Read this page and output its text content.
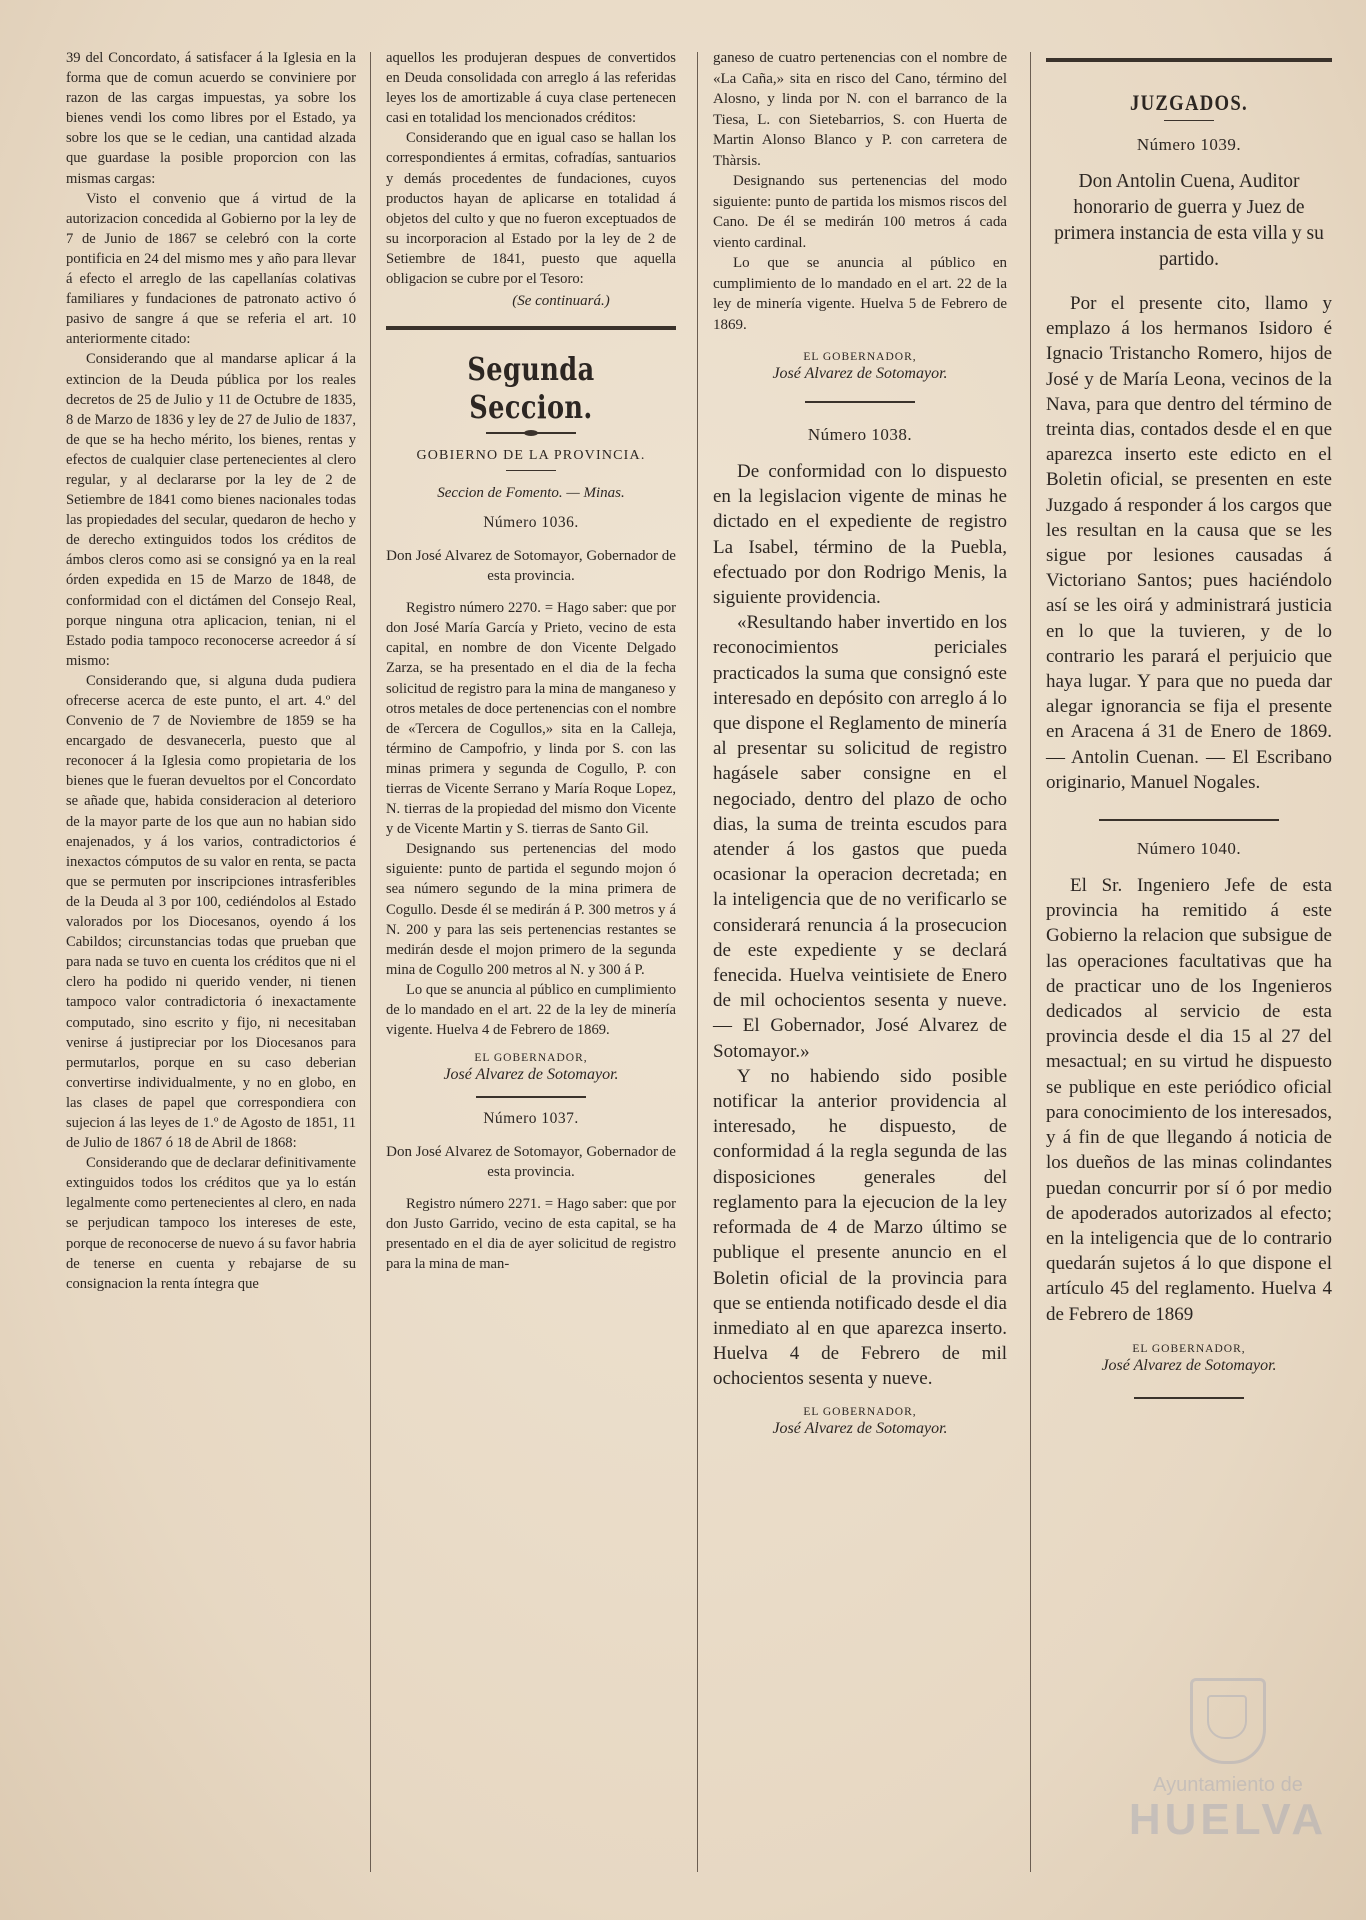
39 del Concordato, á satisfacer á la Iglesia en la forma que de comun acuerdo se conviniere por razon de las cargas impuestas, ya sobre los bienes vendi los como libres por el Estado, ya sobre los que se le cedian, una cantidad alzada que guardase la posible proporcion con las mismas cargas:

Visto el convenio que á virtud de la autorizacion concedida al Gobierno por la ley de 7 de Junio de 1867 se celebró con la corte pontificia en 24 del mismo mes y año para llevar á efecto el arreglo de las capellanías colativas familiares y fundaciones de patronato activo ó pasivo de sangre á que se referia el art. 10 anteriormente citado:

Considerando que al mandarse aplicar á la extincion de la Deuda pública por los reales decretos de 25 de Julio y 11 de Octubre de 1835, 8 de Marzo de 1836 y ley de 27 de Julio de 1837, de que se ha hecho mérito, los bienes, rentas y efectos de cualquier clase pertenecientes al clero regular, y al declararse por la ley de 2 de Setiembre de 1841 como bienes nacionales todas las propiedades del secular, quedaron de hecho y de derecho extinguidos todos los créditos de ámbos cleros como asi se consignó ya en la real órden expedida en 15 de Marzo de 1848, de conformidad con el dictámen del Consejo Real, porque ninguna otra aplicacion, tenian, ni el Estado podia tampoco reconocerse acreedor á sí mismo:

Considerando que, si alguna duda pudiera ofrecerse acerca de este punto, el art. 4.º del Convenio de 7 de Noviembre de 1859 se ha encargado de desvanecerla, puesto que al reconocer á la Iglesia como propietaria de los bienes que le fueran devueltos por el Concordato se añade que, habida consideracion al deterioro de la mayor parte de los que aun no habian sido enajenados, y á los varios, contradictorios é inexactos cómputos de su valor en renta, se pacta que se permuten por inscripciones intrasferibles de la Deuda al 3 por 100, cediéndolos al Estado valorados por los Diocesanos, oyendo á los Cabildos; circunstancias todas que prueban que para nada se tuvo en cuenta los créditos que ni el clero ha podido ni querido vender, ni tienen tampoco valor contradictoria ó inexactamente computado, sino escrito y fijo, ni necesitaban venirse á justipreciar por los Diocesanos para permutarlos, porque en su caso deberian convertirse individualmente, y no en globo, en las clases de papel que correspondiera con sujecion á las leyes de 1.º de Agosto de 1851, 11 de Julio de 1867 ó 18 de Abril de 1868:

Considerando que de declarar definitivamente extinguidos todos los créditos que ya lo están legalmente como pertenecientes al clero, en nada se perjudican tampoco los intereses de este, porque de reconocerse de nuevo á su favor habria de tenerse en cuenta y rebajarse de su consignacion la renta íntegra que

aquellos les produjeran despues de convertidos en Deuda consolidada con arreglo á las referidas leyes los de amortizable á cuya clase pertenecen casi en totalidad los mencionados créditos:

Considerando que en igual caso se hallan los correspondientes á ermitas, cofradías, santuarios y demás procedentes de fundaciones, cuyos productos hayan de aplicarse en totalidad á objetos del culto y que no fueron exceptuados de su incorporacion al Estado por la ley de 2 de Setiembre de 1841, puesto que aquella obligacion se cubre por el Tesoro:

(Se continuará.)

Segunda Seccion.

GOBIERNO DE LA PROVINCIA.

Seccion de Fomento. — Minas.

Número 1036.

Don José Alvarez de Sotomayor, Gobernador de esta provincia.

Registro número 2270. = Hago saber: que por don José María García y Prieto, vecino de esta capital, en nombre de don Vicente Delgado Zarza, se ha presentado en el dia de la fecha solicitud de registro para la mina de manganeso y otros metales de doce pertenencias con el nombre de «Tercera de Cogullos,» sita en la Calleja, término de Campofrio, y linda por S. con las minas primera y segunda de Cogullo, P. con tierras de Vicente Serrano y María Roque Lopez, N. tierras de la propiedad del mismo don Vicente y de Vicente Martin y S. tierras de Santo Gil.

Designando sus pertenencias del modo siguiente: punto de partida el segundo mojon ó sea número segundo de la mina primera de Cogullo. Desde él se medirán á P. 300 metros y á N. 200 y para las seis pertenencias restantes se medirán desde el mojon primero de la segunda mina de Cogullo 200 metros al N. y 300 á P.

Lo que se anuncia al público en cumplimiento de lo mandado en el art. 22 de la ley de minería vigente. Huelva 4 de Febrero de 1869.

EL GOBERNADOR,

José Alvarez de Sotomayor.

Número 1037.

Don José Alvarez de Sotomayor, Gobernador de esta provincia.

Registro número 2271. = Hago saber: que por don Justo Garrido, vecino de esta capital, se ha presentado en el dia de ayer solicitud de registro para la mina de man-

ganeso de cuatro pertenencias con el nombre de «La Caña,» sita en risco del Cano, término del Alosno, y linda por N. con el barranco de la Tiesa, L. con Sietebarrios, S. con Huerta de Martin Alonso Blanco y P. con carretera de Thàrsis.

Designando sus pertenencias del modo siguiente: punto de partida los mismos riscos del Cano. De él se medirán 100 metros á cada viento cardinal.

Lo que se anuncia al público en cumplimiento de lo mandado en el art. 22 de la ley de minería vigente. Huelva 5 de Febrero de 1869.

EL GOBERNADOR,

José Alvarez de Sotomayor.

Número 1038.

De conformidad con lo dispuesto en la legislacion vigente de minas he dictado en el expediente de registro La Isabel, término de la Puebla, efectuado por don Rodrigo Menis, la siguiente providencia.

«Resultando haber invertido en los reconocimientos periciales practicados la suma que consignó este interesado en depósito con arreglo á lo que dispone el Reglamento de minería al presentar su solicitud de registro hagásele saber consigne en el negociado, dentro del plazo de ocho dias, la suma de treinta escudos para atender á los gastos que pueda ocasionar la operacion decretada; en la inteligencia que de no verificarlo se considerará renuncia á la prosecucion de este expediente y se declará fenecida. Huelva veintisiete de Enero de mil ochocientos sesenta y nueve. — El Gobernador, José Alvarez de Sotomayor.»

Y no habiendo sido posible notificar la anterior providencia al interesado, he dispuesto, de conformidad á la regla segunda de las disposiciones generales del reglamento para la ejecucion de la ley reformada de 4 de Marzo último se publique el presente anuncio en el Boletin oficial de la provincia para que se entienda notificado desde el dia inmediato al en que aparezca inserto. Huelva 4 de Febrero de mil ochocientos sesenta y nueve.

EL GOBERNADOR,

José Alvarez de Sotomayor.

JUZGADOS.

Número 1039.

Don Antolin Cuena, Auditor honorario de guerra y Juez de primera instancia de esta villa y su partido.

Por el presente cito, llamo y emplazo á los hermanos Isidoro é Ignacio Tristancho Romero, hijos de José y de María Leona, vecinos de la Nava, para que dentro del término de treinta dias, contados desde el en que aparezca inserto este edicto en el Boletin oficial, se presenten en este Juzgado á responder á los cargos que les resultan en la causa que se les sigue por lesiones causadas á Victoriano Santos; pues haciéndolo así se les oirá y administrará justicia en lo que la tuvieren, y de lo contrario les parará el perjuicio que haya lugar. Y para que no pueda dar alegar ignorancia se fija el presente en Aracena á 31 de Enero de 1869. — Antolin Cuenan. — El Escribano originario, Manuel Nogales.

Número 1040.

El Sr. Ingeniero Jefe de esta provincia ha remitido á este Gobierno la relacion que subsigue de las operaciones facultativas que ha de practicar uno de los Ingenieros dedicados al servicio de esta provincia desde el dia 15 al 27 del mesactual; en su virtud he dispuesto se publique en este periódico oficial para conocimiento de los interesados, y á fin de que llegando á noticia de los dueños de las minas colindantes puedan concurrir por sí ó por medio de apoderados autorizados al efecto; en la inteligencia que de lo contrario quedarán sujetos á lo que dispone el artículo 45 del reglamento. Huelva 4 de Febrero de 1869

EL GOBERNADOR,

José Alvarez de Sotomayor.

Ayuntamiento de
HUELVA
